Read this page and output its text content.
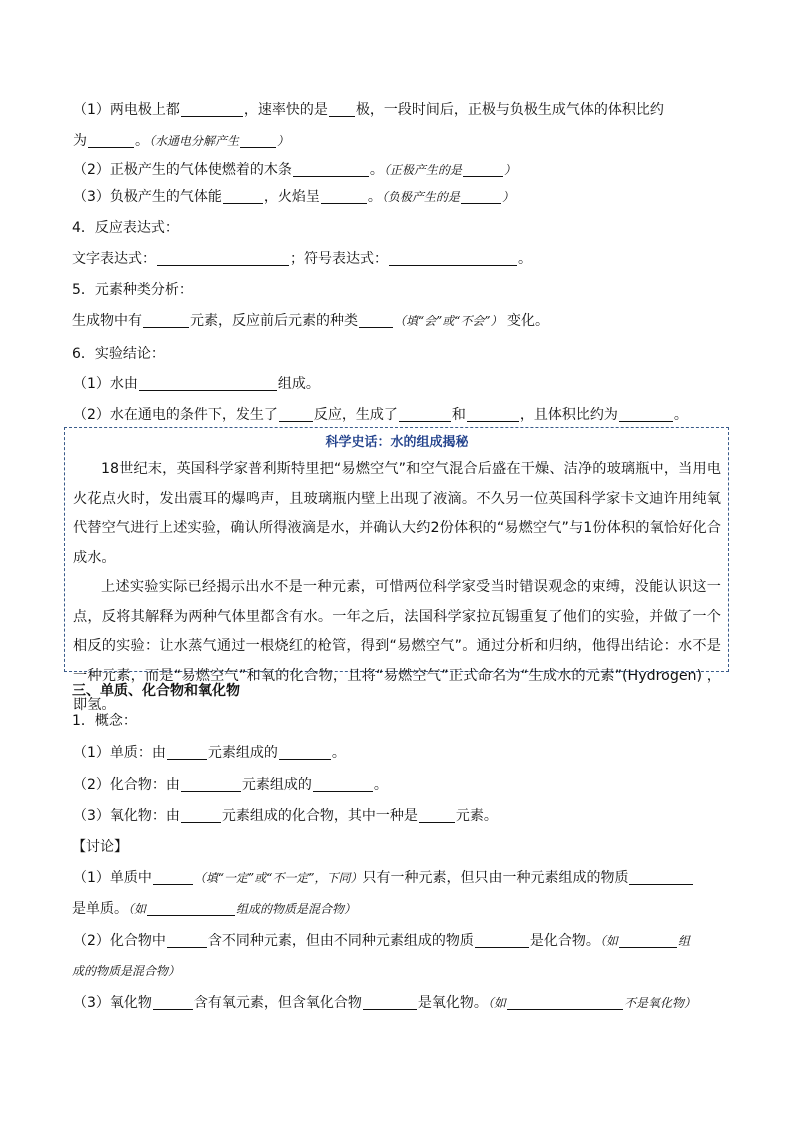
（1）两电极上都	，速率快的是 极，一段时间后，正极与负极生成气体的体积比约
为	。（水通电分解产生	）
（2）正极产生的气体使燃着的木条	。（正极产生的是	）
（3）负极产生的气体能	，火焰呈	。（负极产生的是	）
4．反应表达式：
文字表达式：	；符号表达式：	。
5．元素种类分析：
生成物中有	元素，反应前后元素的种类	（填“会”或“不会”） 变化。
6．实验结论：
（1）水由	组成。
（2）水在通电的条件下，发生了	反应，生成了	和	，且体积比约为	。
科学史话：水的组成揭秘
18世纪末，英国科学家普利斯特里把“易燃空气”和空气混合后盛在干燥、洁净的玻璃瓶中，当用电火花点火时，发出震耳的爆鸣声，且玻璃瓶内壁上出现了液滴。不久另一位英国科学家卡文迪许用纯氧代替空气进行上述实验，确认所得液滴是水，并确认大约2份体积的“易燃空气”与1份体积的氧恰好化合成水。
上述实验实际已经揭示出水不是一种元素，可惜两位科学家受当时错误观念的束缚，没能认识这一点，反将其解释为两种气体里都含有水。一年之后，法国科学家拉瓦锡重复了他们的实验，并做了一个相反的实验：让水蒸气通过一根烧红的枪管，得到“易燃空气”。通过分析和归纳，他得出结论：水不是一种元素，而是“易燃空气”和氧的化合物，且将“易燃空气”正式命名为“生成水的元素”(Hydrogen) ， 即氢。
三、单质、化合物和氧化物
1．概念：
（1）单质：由	元素组成的	。
（2）化合物：由	元素组成的	。
（3）氧化物：由	元素组成的化合物，其中一种是	元素。
【讨论】
（1）单质中	（填“一定”或“不一定”，下同）只有一种元素，但只由一种元素组成的物质
是单质。（如	组成的物质是混合物）
（2）化合物中	含不同种元素，但由不同种元素组成的物质	是化合物。（如	组
成的物质是混合物）
（3）氧化物	含有氧元素，但含氧化合物	是氧化物。（如	不是氧化物）
